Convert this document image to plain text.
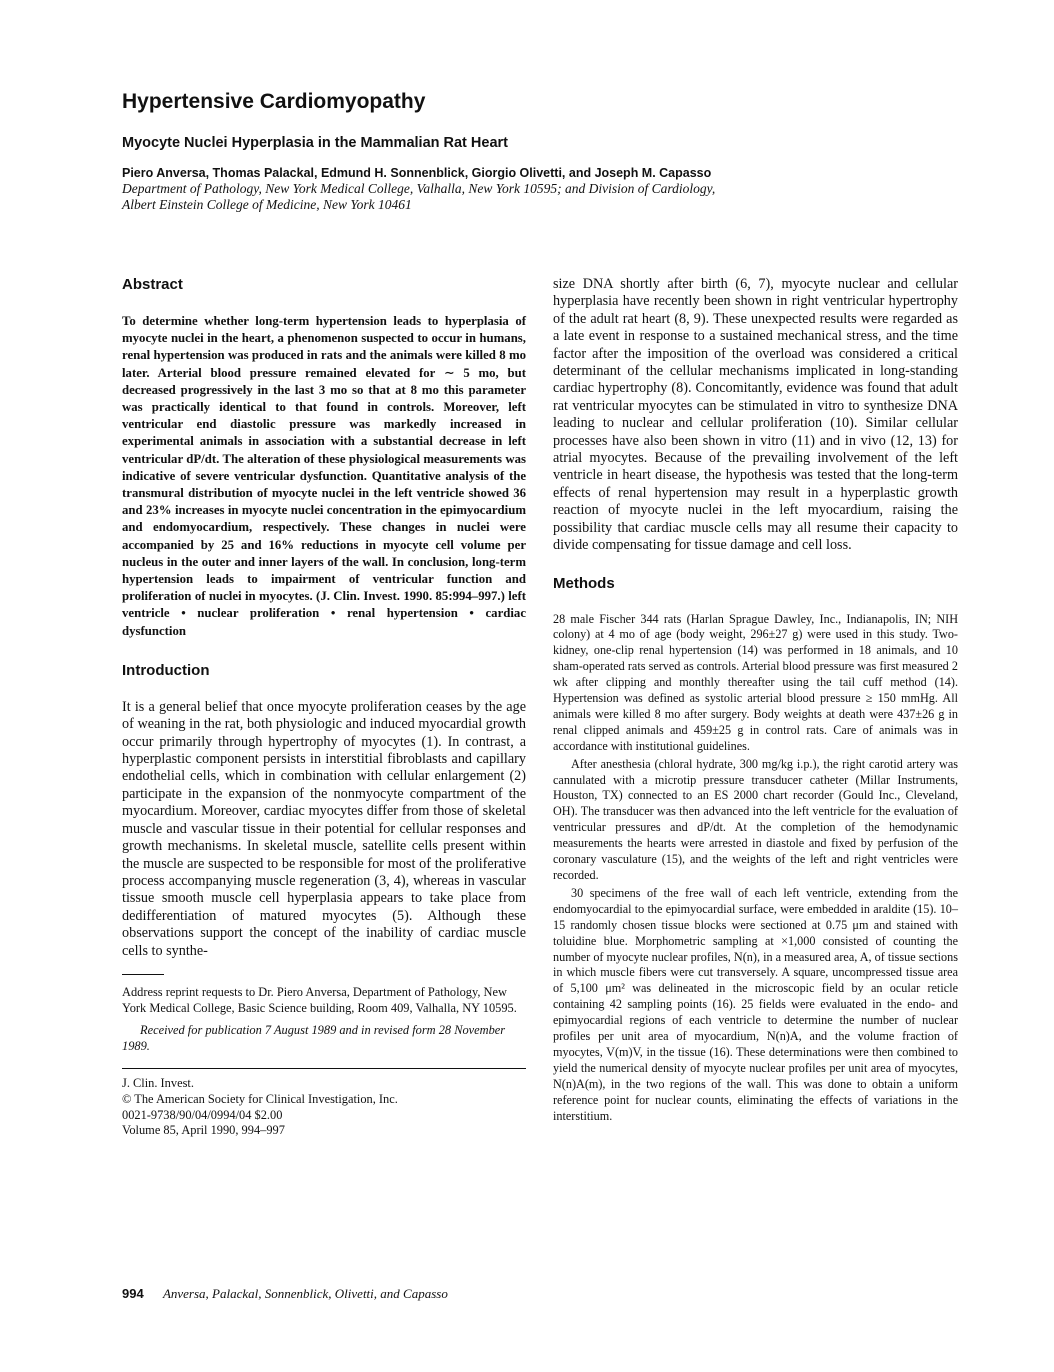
Hypertensive Cardiomyopathy
Myocyte Nuclei Hyperplasia in the Mammalian Rat Heart
Piero Anversa, Thomas Palackal, Edmund H. Sonnenblick, Giorgio Olivetti, and Joseph M. Capasso
Department of Pathology, New York Medical College, Valhalla, New York 10595; and Division of Cardiology,
Albert Einstein College of Medicine, New York 10461
Abstract

To determine whether long-term hypertension leads to hyperplasia of myocyte nuclei in the heart, a phenomenon suspected to occur in humans, renal hypertension was produced in rats and the animals were killed 8 mo later. Arterial blood pressure remained elevated for ∼ 5 mo, but decreased progressively in the last 3 mo so that at 8 mo this parameter was practically identical to that found in controls. Moreover, left ventricular end diastolic pressure was markedly increased in experimental animals in association with a substantial decrease in left ventricular dP/dt. The alteration of these physiological measurements was indicative of severe ventricular dysfunction. Quantitative analysis of the transmural distribution of myocyte nuclei in the left ventricle showed 36 and 23% increases in myocyte nuclei concentration in the epimyocardium and endomyocardium, respectively. These changes in nuclei were accompanied by 25 and 16% reductions in myocyte cell volume per nucleus in the outer and inner layers of the wall. In conclusion, long-term hypertension leads to impairment of ventricular function and proliferation of nuclei in myocytes. (J. Clin. Invest. 1990. 85:994–997.) left ventricle • nuclear proliferation • renal hypertension • cardiac dysfunction

Introduction

It is a general belief that once myocyte proliferation ceases by the age of weaning in the rat, both physiologic and induced myocardial growth occur primarily through hypertrophy of myocytes (1). In contrast, a hyperplastic component persists in interstitial fibroblasts and capillary endothelial cells, which in combination with cellular enlargement (2) participate in the expansion of the nonmyocyte compartment of the myocardium. Moreover, cardiac myocytes differ from those of skeletal muscle and vascular tissue in their potential for cellular responses and growth mechanisms. In skeletal muscle, satellite cells present within the muscle are suspected to be responsible for most of the proliferative process accompanying muscle regeneration (3, 4), whereas in vascular tissue smooth muscle cell hyperplasia appears to take place from dedifferentiation of matured myocytes (5). Although these observations support the concept of the inability of cardiac muscle cells to synthe-

Address reprint requests to Dr. Piero Anversa, Department of Pathology, New York Medical College, Basic Science building, Room 409, Valhalla, NY 10595.

Received for publication 7 August 1989 and in revised form 28 November 1989.

J. Clin. Invest.
© The American Society for Clinical Investigation, Inc.
0021-9738/90/04/0994/04 $2.00
Volume 85, April 1990, 994–997

size DNA shortly after birth (6, 7), myocyte nuclear and cellular hyperplasia have recently been shown in right ventricular hypertrophy of the adult rat heart (8, 9). These unexpected results were regarded as a late event in response to a sustained mechanical stress, and the time factor after the imposition of the overload was considered a critical determinant of the cellular mechanisms implicated in long-standing cardiac hypertrophy (8). Concomitantly, evidence was found that adult rat ventricular myocytes can be stimulated in vitro to synthesize DNA leading to nuclear and cellular proliferation (10). Similar cellular processes have also been shown in vitro (11) and in vivo (12, 13) for atrial myocytes. Because of the prevailing involvement of the left ventricle in heart disease, the hypothesis was tested that the long-term effects of renal hypertension may result in a hyperplastic growth reaction of myocyte nuclei in the left myocardium, raising the possibility that cardiac muscle cells may all resume their capacity to divide compensating for tissue damage and cell loss.

Methods

28 male Fischer 344 rats (Harlan Sprague Dawley, Inc., Indianapolis, IN; NIH colony) at 4 mo of age (body weight, 296±27 g) were used in this study. Two-kidney, one-clip renal hypertension (14) was performed in 18 animals, and 10 sham-operated rats served as controls. Arterial blood pressure was first measured 2 wk after clipping and monthly thereafter using the tail cuff method (14). Hypertension was defined as systolic arterial blood pressure ≥ 150 mmHg. All animals were killed 8 mo after surgery. Body weights at death were 437±26 g in renal clipped animals and 459±25 g in control rats. Care of animals was in accordance with institutional guidelines.

After anesthesia (chloral hydrate, 300 mg/kg i.p.), the right carotid artery was cannulated with a microtip pressure transducer catheter (Millar Instruments, Houston, TX) connected to an ES 2000 chart recorder (Gould Inc., Cleveland, OH). The transducer was then advanced into the left ventricle for the evaluation of ventricular pressures and dP/dt. At the completion of the hemodynamic measurements the hearts were arrested in diastole and fixed by perfusion of the coronary vasculature (15), and the weights of the left and right ventricles were recorded.

30 specimens of the free wall of each left ventricle, extending from the endomyocardial to the epimyocardial surface, were embedded in araldite (15). 10–15 randomly chosen tissue blocks were sectioned at 0.75 μm and stained with toluidine blue. Morphometric sampling at ×1,000 consisted of counting the number of myocyte nuclear profiles, N(n), in a measured area, A, of tissue sections in which muscle fibers were cut transversely. A square, uncompressed tissue area of 5,100 μm² was delineated in the microscopic field by an ocular reticle containing 42 sampling points (16). 25 fields were evaluated in the endo- and epimyocardial regions of each ventricle to determine the number of nuclear profiles per unit area of myocardium, N(n)A, and the volume fraction of myocytes, V(m)V, in the tissue (16). These determinations were then combined to yield the numerical density of myocyte nuclear profiles per unit area of myocytes, N(n)A(m), in the two regions of the wall. This was done to obtain a uniform reference point for nuclear counts, eliminating the effects of variations in the interstitium.

994 Anversa, Palackal, Sonnenblick, Olivetti, and Capasso
